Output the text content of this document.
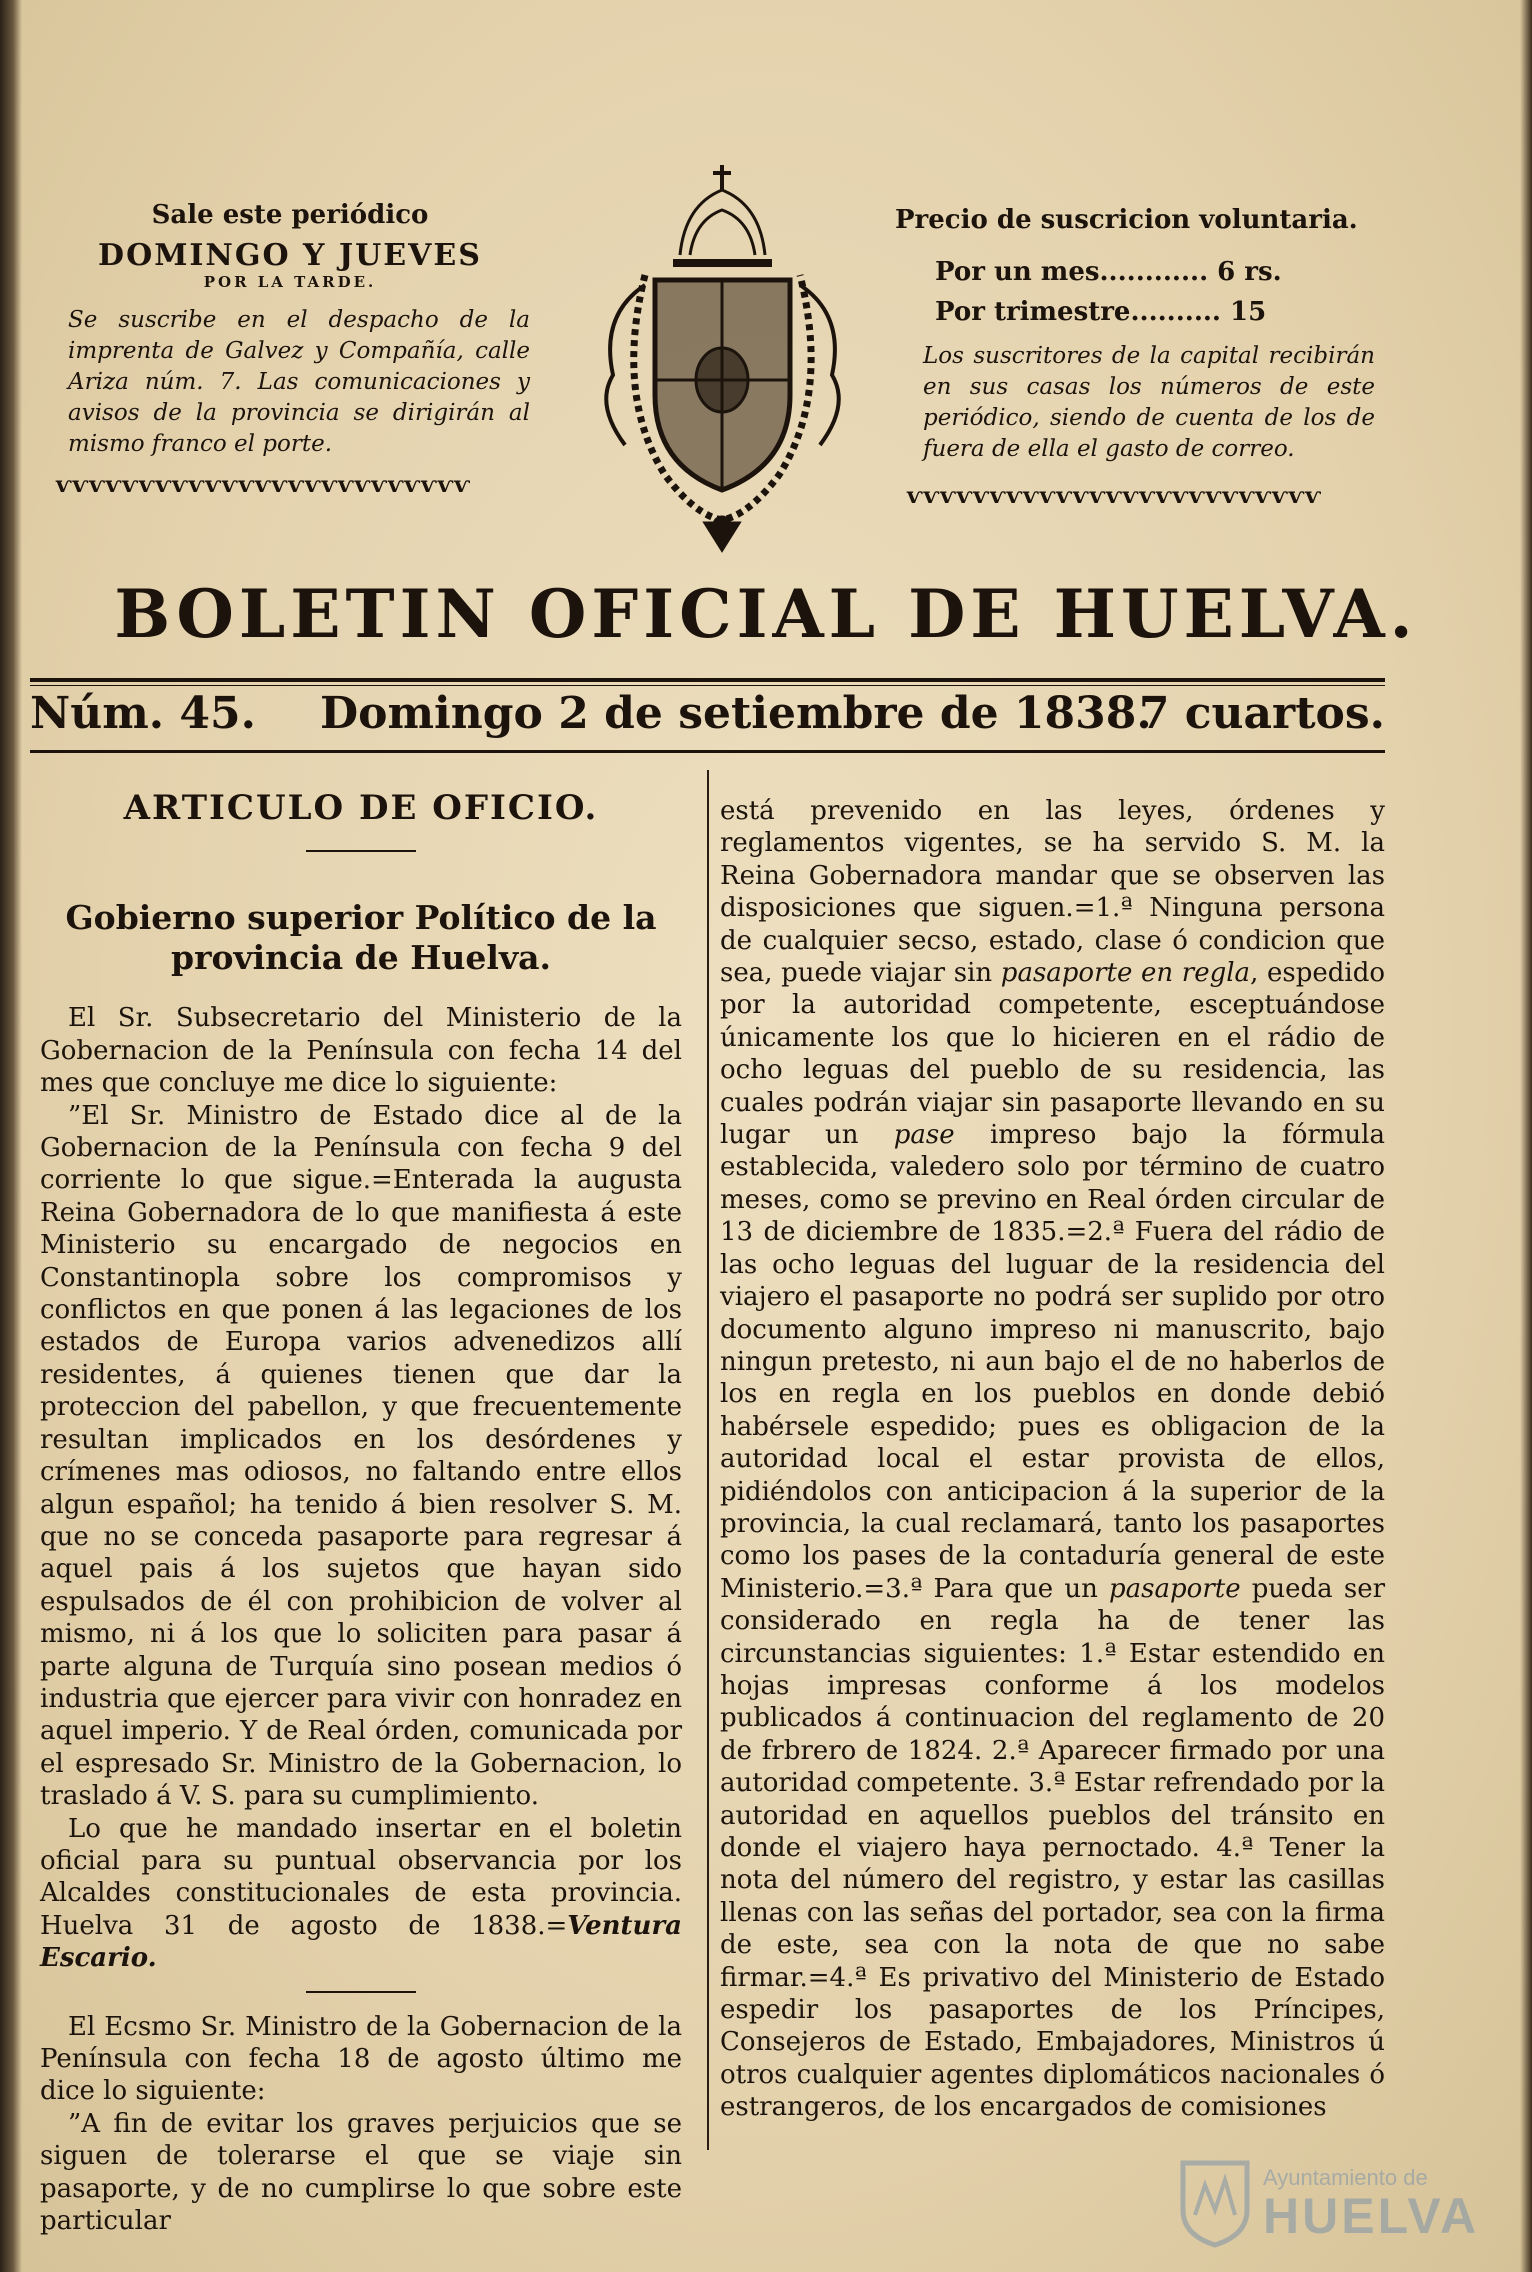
Sale este periódico
DOMINGO Y JUEVES
POR LA TARDE.
Se suscribe en el despacho de la imprenta de Galvez y Compañía, calle Ariza núm. 7. Las comunicaciones y avisos de la provincia se dirigirán al mismo franco el porte.
ⱱⱱⱱⱱⱱⱱⱱⱱⱱⱱⱱⱱⱱⱱⱱⱱⱱⱱⱱⱱⱱⱱⱱⱱⱱ
Precio de suscricion voluntaria.
Por un mes............ 6 rs.
Por trimestre.......... 15
Los suscritores de la capital recibirán en sus casas los números de este periódico, siendo de cuenta de los de fuera de ella el gasto de correo.
ⱱⱱⱱⱱⱱⱱⱱⱱⱱⱱⱱⱱⱱⱱⱱⱱⱱⱱⱱⱱⱱⱱⱱⱱⱱ
BOLETIN OFICIAL DE HUELVA.
Núm. 45. Domingo 2 de setiembre de 1838.
7 cuartos.
ARTICULO DE OFICIO.
Gobierno superior Político de la provincia de Huelva.

El Sr. Subsecretario del Ministerio de la Gobernacion de la Península con fecha 14 del mes que concluye me dice lo siguiente:

”El Sr. Ministro de Estado dice al de la Gobernacion de la Península con fecha 9 del corriente lo que sigue.=Enterada la augusta Reina Gobernadora de lo que manifiesta á este Ministerio su encargado de negocios en Constantinopla sobre los compromisos y conflictos en que ponen á las legaciones de los estados de Europa varios advenedizos allí residentes, á quienes tienen que dar la proteccion del pabellon, y que frecuentemente resultan implicados en los desórdenes y crímenes mas odiosos, no faltando entre ellos algun español; ha tenido á bien resolver S. M. que no se conceda pasaporte para regresar á aquel pais á los sujetos que hayan sido espulsados de él con prohibicion de volver al mismo, ni á los que lo soliciten para pasar á parte alguna de Turquía sino posean medios ó industria que ejercer para vivir con honradez en aquel imperio. Y de Real órden, comunicada por el espresado Sr. Ministro de la Gobernacion, lo traslado á V. S. para su cumplimiento.

Lo que he mandado insertar en el boletin oficial para su puntual observancia por los Alcaldes constitucionales de esta provincia. Huelva 31 de agosto de 1838.=Ventura Escario.

El Ecsmo Sr. Ministro de la Gobernacion de la Península con fecha 18 de agosto último me dice lo siguiente:

”A fin de evitar los graves perjuicios que se siguen de tolerarse el que se viaje sin pasaporte, y de no cumplirse lo que sobre este particular

está prevenido en las leyes, órdenes y reglamentos vigentes, se ha servido S. M. la Reina Gobernadora mandar que se observen las disposiciones que siguen.=1.ª Ninguna persona de cualquier secso, estado, clase ó condicion que sea, puede viajar sin pasaporte en regla, espedido por la autoridad competente, esceptuándose únicamente los que lo hicieren en el rádio de ocho leguas del pueblo de su residencia, las cuales podrán viajar sin pasaporte llevando en su lugar un pase impreso bajo la fórmula establecida, valedero solo por término de cuatro meses, como se previno en Real órden circular de 13 de diciembre de 1835.=2.ª Fuera del rádio de las ocho leguas del luguar de la residencia del viajero el pasaporte no podrá ser suplido por otro documento alguno impreso ni manuscrito, bajo ningun pretesto, ni aun bajo el de no haberlos de los en regla en los pueblos en donde debió habérsele espedido; pues es obligacion de la autoridad local el estar provista de ellos, pidiéndolos con anticipacion á la superior de la provincia, la cual reclamará, tanto los pasaportes como los pases de la contaduría general de este Ministerio.=3.ª Para que un pasaporte pueda ser considerado en regla ha de tener las circunstancias siguientes: 1.ª Estar estendido en hojas impresas conforme á los modelos publicados á continuacion del reglamento de 20 de frbrero de 1824. 2.ª Aparecer firmado por una autoridad competente. 3.ª Estar refrendado por la autoridad en aquellos pueblos del tránsito en donde el viajero haya pernoctado. 4.ª Tener la nota del número del registro, y estar las casillas llenas con las señas del portador, sea con la firma de este, sea con la nota de que no sabe firmar.=4.ª Es privativo del Ministerio de Estado espedir los pasaportes de los Príncipes, Consejeros de Estado, Embajadores, Ministros ú otros cualquier agentes diplomáticos nacionales ó estrangeros, de los encargados de comisiones

Ayuntamiento de
HUELVA
